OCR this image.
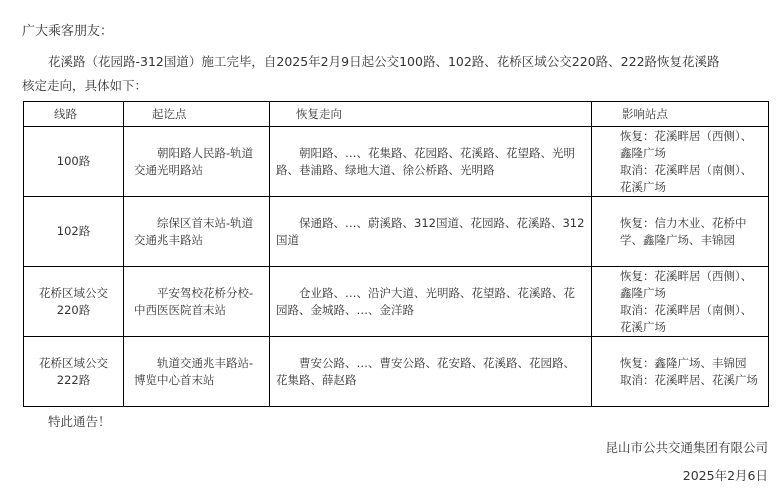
广大乘客朋友：
花溪路（花园路-312国道）施工完毕，自2025年2月9日起公交100路、102路、花桥区域公交220路、222路恢复花溪路
核定走向，具体如下：
线路	起讫点	恢复走向	影响站点
100路	朝阳路人民路-轨道交通光明路站	朝阳路、…、花集路、花园路、花溪路、花望路、光明路、巷浦路、绿地大道、徐公桥路、光明路	恢复：花溪畔居（西侧）、鑫隆广场
取消：花溪畔居（南侧）、花溪广场

102路	综保区首末站-轨道交通兆丰路站	保通路、…、蔚溪路、312国道、花园路、花溪路、312国道	恢复：信力木业、花桥中学、鑫隆广场、丰锦园

花桥区域公交220路	平安驾校花桥分校-中西医医院首末站	仓业路、…、沿沪大道、光明路、花望路、花溪路、花园路、金城路、…、金洋路	恢复：花溪畔居（西侧）、鑫隆广场
取消：花溪畔居（南侧）、花溪广场

花桥区域公交222路	轨道交通兆丰路站-博览中心首末站	曹安公路、…、曹安公路、花安路、花溪路、花园路、花集路、薛赵路	恢复：鑫隆广场、丰锦园
取消：花溪畔居、花溪广场
特此通告！
昆山市公共交通集团有限公司
2025年2月6日
